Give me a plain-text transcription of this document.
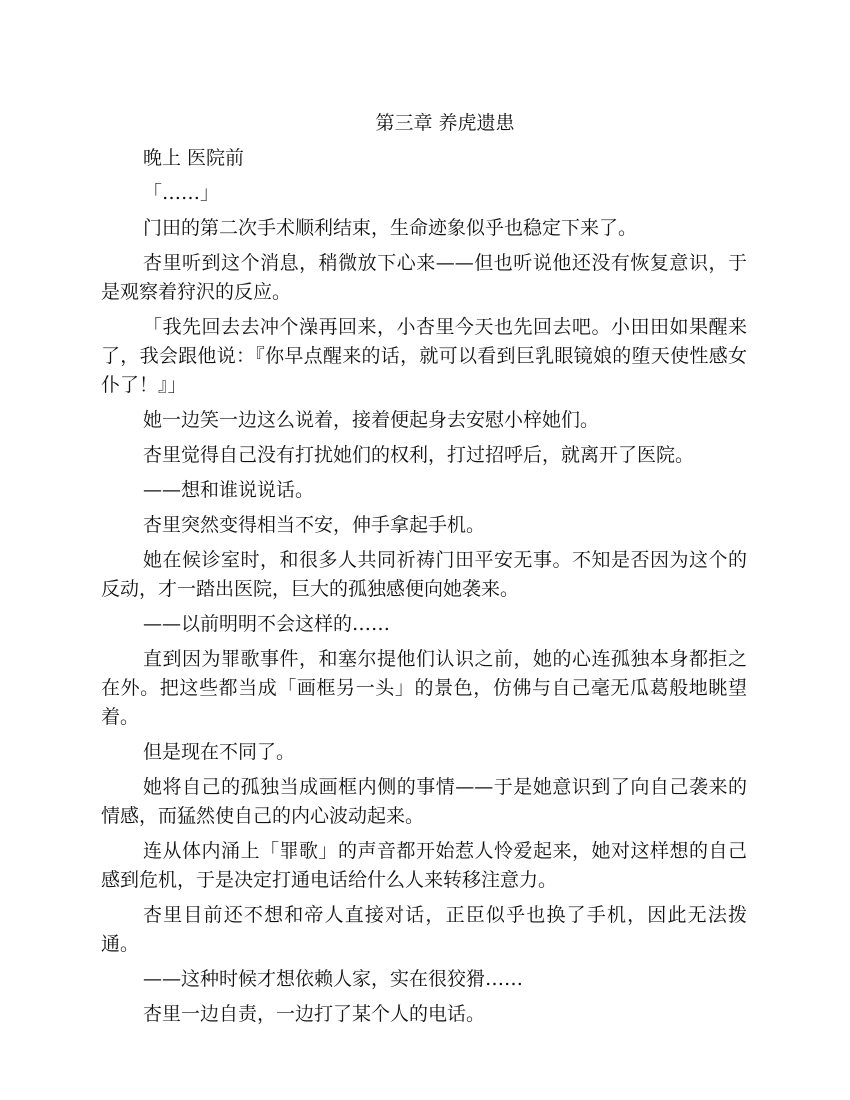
第三章 养虎遗患

晚上 医院前

「……」

门田的第二次手术顺利结束，生命迹象似乎也稳定下来了。

杏里听到这个消息，稍微放下心来——但也听说他还没有恢复意识，于是观察着狩沢的反应。

「我先回去去冲个澡再回来，小杏里今天也先回去吧。小田田如果醒来了，我会跟他说：『你早点醒来的话，就可以看到巨乳眼镜娘的堕天使性感女仆了！』」

她一边笑一边这么说着，接着便起身去安慰小梓她们。

杏里觉得自己没有打扰她们的权利，打过招呼后，就离开了医院。

——想和谁说说话。

杏里突然变得相当不安，伸手拿起手机。

她在候诊室时，和很多人共同祈祷门田平安无事。不知是否因为这个的反动，才一踏出医院，巨大的孤独感便向她袭来。

——以前明明不会这样的……

直到因为罪歌事件，和塞尔提他们认识之前，她的心连孤独本身都拒之在外。把这些都当成「画框另一头」的景色，仿佛与自己毫无瓜葛般地眺望着。

但是现在不同了。

她将自己的孤独当成画框内侧的事情——于是她意识到了向自己袭来的情感，而猛然使自己的内心波动起来。

连从体内涌上「罪歌」的声音都开始惹人怜爱起来，她对这样想的自己感到危机，于是决定打通电话给什么人来转移注意力。

杏里目前还不想和帝人直接对话，正臣似乎也换了手机，因此无法拨通。

——这种时候才想依赖人家，实在很狡猾……

杏里一边自责，一边打了某个人的电话。
